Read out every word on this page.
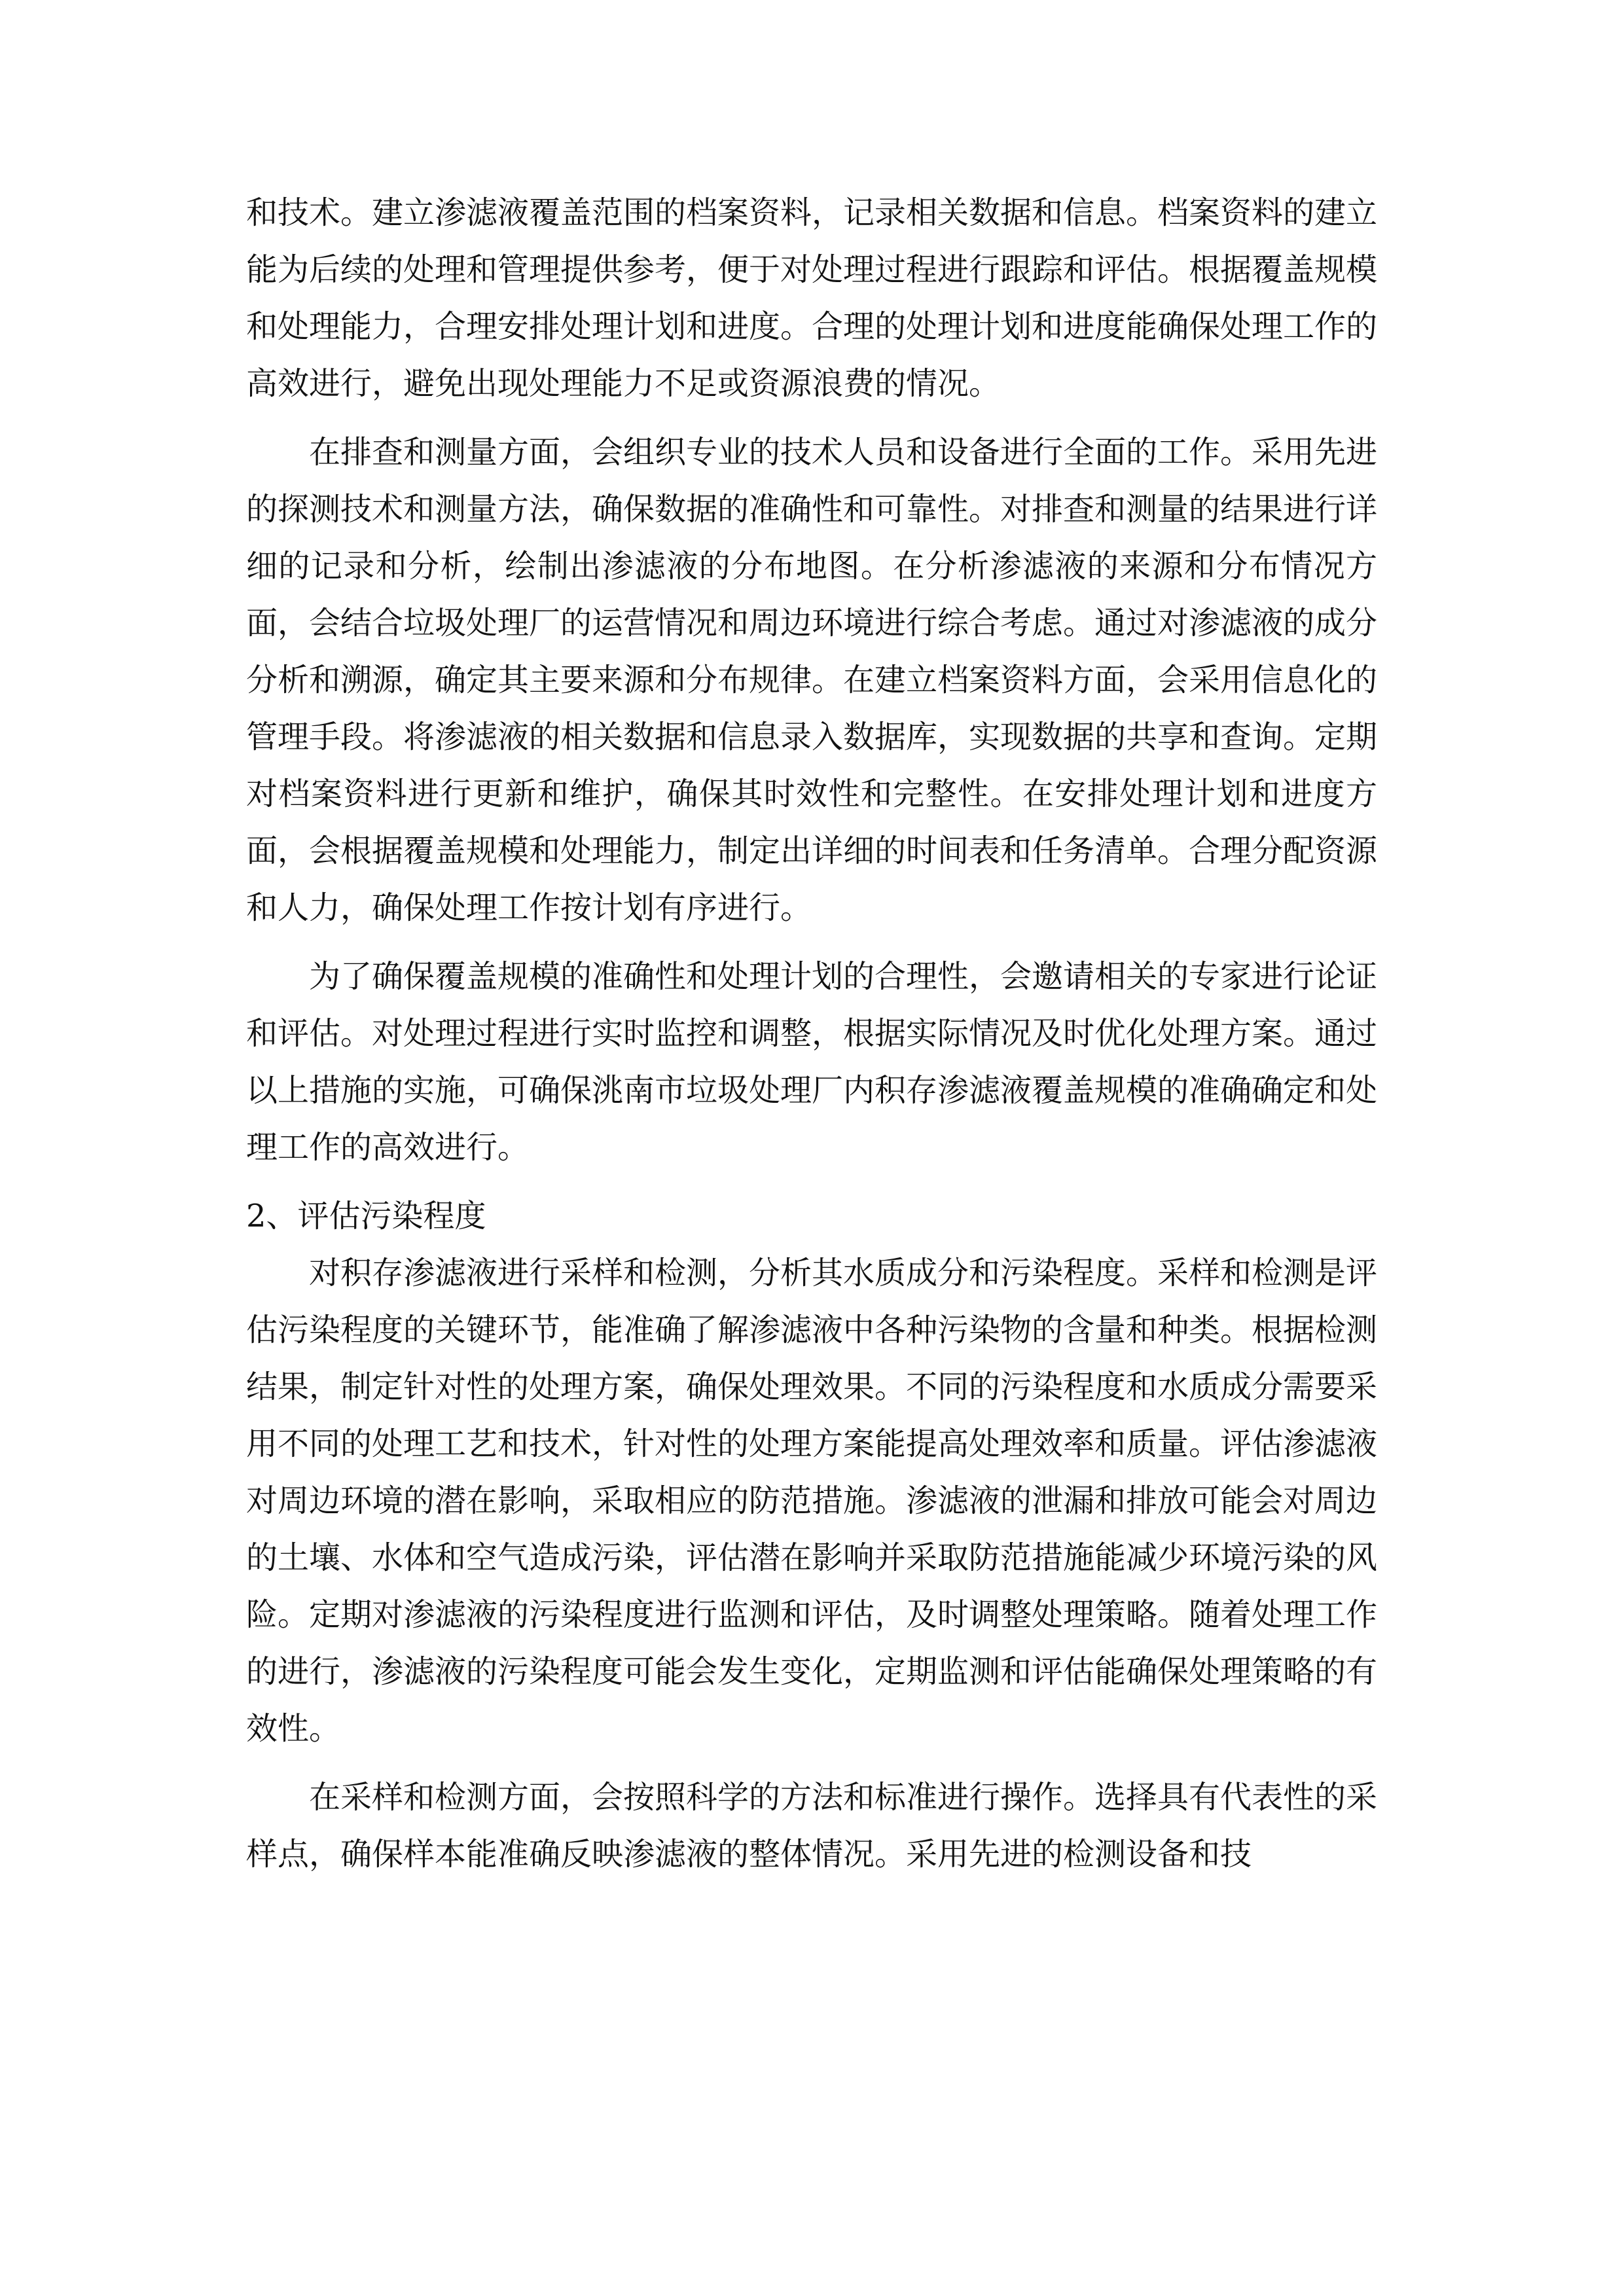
和技术。建立渗滤液覆盖范围的档案资料，记录相关数据和信息。档案资料的建立能为后续的处理和管理提供参考，便于对处理过程进行跟踪和评估。根据覆盖规模和处理能力，合理安排处理计划和进度。合理的处理计划和进度能确保处理工作的高效进行，避免出现处理能力不足或资源浪费的情况。

在排查和测量方面，会组织专业的技术人员和设备进行全面的工作。采用先进的探测技术和测量方法，确保数据的准确性和可靠性。对排查和测量的结果进行详细的记录和分析，绘制出渗滤液的分布地图。在分析渗滤液的来源和分布情况方面，会结合垃圾处理厂的运营情况和周边环境进行综合考虑。通过对渗滤液的成分分析和溯源，确定其主要来源和分布规律。在建立档案资料方面，会采用信息化的管理手段。将渗滤液的相关数据和信息录入数据库，实现数据的共享和查询。定期对档案资料进行更新和维护，确保其时效性和完整性。在安排处理计划和进度方面，会根据覆盖规模和处理能力，制定出详细的时间表和任务清单。合理分配资源和人力，确保处理工作按计划有序进行。

为了确保覆盖规模的准确性和处理计划的合理性，会邀请相关的专家进行论证和评估。对处理过程进行实时监控和调整，根据实际情况及时优化处理方案。通过以上措施的实施，可确保洮南市垃圾处理厂内积存渗滤液覆盖规模的准确确定和处理工作的高效进行。

2、评估污染程度

对积存渗滤液进行采样和检测，分析其水质成分和污染程度。采样和检测是评估污染程度的关键环节，能准确了解渗滤液中各种污染物的含量和种类。根据检测结果，制定针对性的处理方案，确保处理效果。不同的污染程度和水质成分需要采用不同的处理工艺和技术，针对性的处理方案能提高处理效率和质量。评估渗滤液对周边环境的潜在影响，采取相应的防范措施。渗滤液的泄漏和排放可能会对周边的土壤、水体和空气造成污染，评估潜在影响并采取防范措施能减少环境污染的风险。定期对渗滤液的污染程度进行监测和评估，及时调整处理策略。随着处理工作的进行，渗滤液的污染程度可能会发生变化，定期监测和评估能确保处理策略的有效性。

在采样和检测方面，会按照科学的方法和标准进行操作。选择具有代表性的采样点，确保样本能准确反映渗滤液的整体情况。采用先进的检测设备和技
